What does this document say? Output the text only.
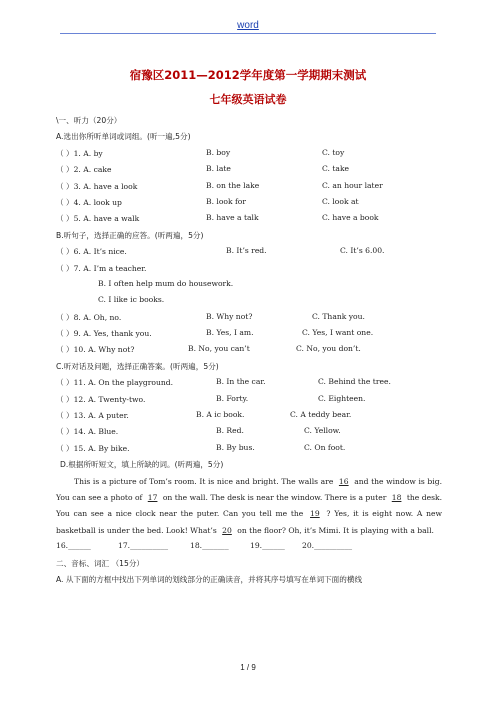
word
宿豫区2011—2012学年度第一学期期末测试
七年级英语试卷
\一、听力（20分）
A.选出你所听单词或词组。(听一遍,5分)
（ ）1. A. by	B. boy	C. toy
（ ）2. A. cake	B. late	C. take
（ ）3. A. have a look	B. on the lake	C. an hour later
（ ）4. A. look up	B. look for	C. look at
（ ）5. A. have a walk	B. have a talk	C. have a book
B.听句子，选择正确的应答。(听两遍，5分)
（ ）6. A. It’s nice.	B. It’s red.	C. It’s 6.00.
（ ）7. A. I’m a teacher.
B. I often help mum do housework.
C. I like ic books.
（ ）8. A. Oh, no.	B. Why not?	C. Thank you.
（ ）9. A. Yes, thank you.	B. Yes, I am.	C. Yes, I want one.
（ ）10. A. Why not?	B. No, you can’t	C. No, you don’t.
C.听对话及问题，选择正确答案。(听两遍，5分)
（ ）11. A. On the playground.	B. In the car.	C. Behind the tree.
（ ）12. A. Twenty-two.	B. Forty.	C. Eighteen.
（ ）13. A. A puter.	B. A ic book.	C. A teddy bear.
（ ）14. A. Blue.	B. Red.	C. Yellow.
（ ）15. A. By bike.	B. By bus.	C. On foot.
D.根据所听短文，填上所缺的词。(听两遍，5分)
This is a picture of Tom’s room. It is nice and bright. The walls are 16 and the window is big. You can see a photo of 17 on the wall. The desk is near the window. There is a puter 18 the desk. You can see a nice clock near the puter. Can you tell me the 19 ? Yes, it is eight now. A new basketball is under the bed. Look! What’s 20 on the floor? Oh, it’s Mimi. It is playing with a ball.
16.______	17.__________	18._______	19.______ 20.__________
二、音标、词汇 （15分）
A. 从下面的方框中找出下列单词的划线部分的正确读音，并将其序号填写在单词下面的横线
1 / 9
